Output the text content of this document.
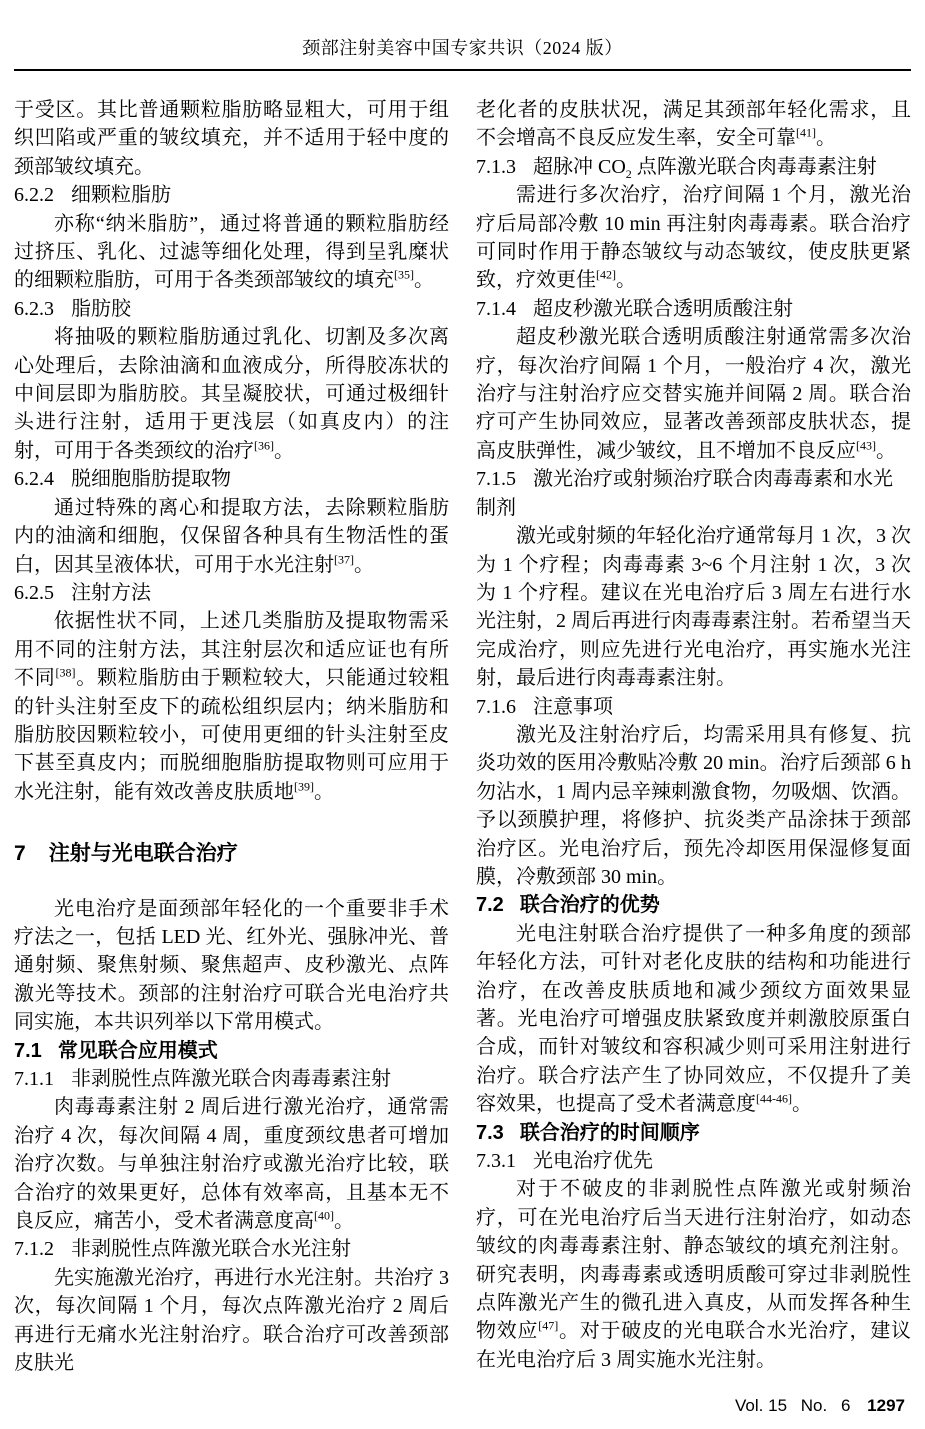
颈部注射美容中国专家共识（2024 版）
于受区。其比普通颗粒脂肪略显粗大，可用于组织凹陷或严重的皱纹填充，并不适用于轻中度的颈部皱纹填充。
6.2.2 细颗粒脂肪
亦称“纳米脂肪”，通过将普通的颗粒脂肪经过挤压、乳化、过滤等细化处理，得到呈乳糜状的细颗粒脂肪，可用于各类颈部皱纹的填充[35]。
6.2.3 脂肪胶
将抽吸的颗粒脂肪通过乳化、切割及多次离心处理后，去除油滴和血液成分，所得胶冻状的中间层即为脂肪胶。其呈凝胶状，可通过极细针头进行注射，适用于更浅层（如真皮内）的注射，可用于各类颈纹的治疗[36]。
6.2.4 脱细胞脂肪提取物
通过特殊的离心和提取方法，去除颗粒脂肪内的油滴和细胞，仅保留各种具有生物活性的蛋白，因其呈液体状，可用于水光注射[37]。
6.2.5 注射方法
依据性状不同，上述几类脂肪及提取物需采用不同的注射方法，其注射层次和适应证也有所不同[38]。颗粒脂肪由于颗粒较大，只能通过较粗的针头注射至皮下的疏松组织层内；纳米脂肪和脂肪胶因颗粒较小，可使用更细的针头注射至皮下甚至真皮内；而脱细胞脂肪提取物则可应用于水光注射，能有效改善皮肤质地[39]。
7 注射与光电联合治疗
光电治疗是面颈部年轻化的一个重要非手术疗法之一，包括 LED 光、红外光、强脉冲光、普通射频、聚焦射频、聚焦超声、皮秒激光、点阵激光等技术。颈部的注射治疗可联合光电治疗共同实施，本共识列举以下常用模式。
7.1 常见联合应用模式
7.1.1 非剥脱性点阵激光联合肉毒毒素注射
肉毒毒素注射 2 周后进行激光治疗，通常需治疗 4 次，每次间隔 4 周，重度颈纹患者可增加治疗次数。与单独注射治疗或激光治疗比较，联合治疗的效果更好，总体有效率高，且基本无不良反应，痛苦小，受术者满意度高[40]。
7.1.2 非剥脱性点阵激光联合水光注射
先实施激光治疗，再进行水光注射。共治疗 3 次，每次间隔 1 个月，每次点阵激光治疗 2 周后再进行无痛水光注射治疗。联合治疗可改善颈部皮肤光
老化者的皮肤状况，满足其颈部年轻化需求，且不会增高不良反应发生率，安全可靠[41]。
7.1.3 超脉冲 $CO_2$ 点阵激光联合肉毒毒素注射
需进行多次治疗，治疗间隔 1 个月，激光治疗后局部冷敷 10 min 再注射肉毒毒素。联合治疗可同时作用于静态皱纹与动态皱纹，使皮肤更紧致，疗效更佳[42]。
7.1.4 超皮秒激光联合透明质酸注射
超皮秒激光联合透明质酸注射通常需多次治疗，每次治疗间隔 1 个月，一般治疗 4 次，激光治疗与注射治疗应交替实施并间隔 2 周。联合治疗可产生协同效应，显著改善颈部皮肤状态，提高皮肤弹性，减少皱纹，且不增加不良反应[43]。
7.1.5 激光治疗或射频治疗联合肉毒毒素和水光制剂
激光或射频的年轻化治疗通常每月 1 次，3 次为 1 个疗程；肉毒毒素 3~6 个月注射 1 次，3 次为 1 个疗程。建议在光电治疗后 3 周左右进行水光注射，2 周后再进行肉毒毒素注射。若希望当天完成治疗，则应先进行光电治疗，再实施水光注射，最后进行肉毒毒素注射。
7.1.6 注意事项
激光及注射治疗后，均需采用具有修复、抗炎功效的医用冷敷贴冷敷 20 min。治疗后颈部 6 h 勿沾水，1 周内忌辛辣刺激食物，勿吸烟、饮酒。予以颈膜护理，将修护、抗炎类产品涂抹于颈部治疗区。光电治疗后，预先冷却医用保湿修复面膜，冷敷颈部 30 min。
7.2 联合治疗的优势
光电注射联合治疗提供了一种多角度的颈部年轻化方法，可针对老化皮肤的结构和功能进行治疗，在改善皮肤质地和减少颈纹方面效果显著。光电治疗可增强皮肤紧致度并刺激胶原蛋白合成，而针对皱纹和容积减少则可采用注射进行治疗。联合疗法产生了协同效应，不仅提升了美容效果，也提高了受术者满意度[44-46]。
7.3 联合治疗的时间顺序
7.3.1 光电治疗优先
对于不破皮的非剥脱性点阵激光或射频治疗，可在光电治疗后当天进行注射治疗，如动态皱纹的肉毒毒素注射、静态皱纹的填充剂注射。研究表明，肉毒毒素或透明质酸可穿过非剥脱性点阵激光产生的微孔进入真皮，从而发挥各种生物效应[47]。对于破皮的光电联合水光治疗，建议在光电治疗后 3 周实施水光注射。
Vol. 15 No. 6 1297
